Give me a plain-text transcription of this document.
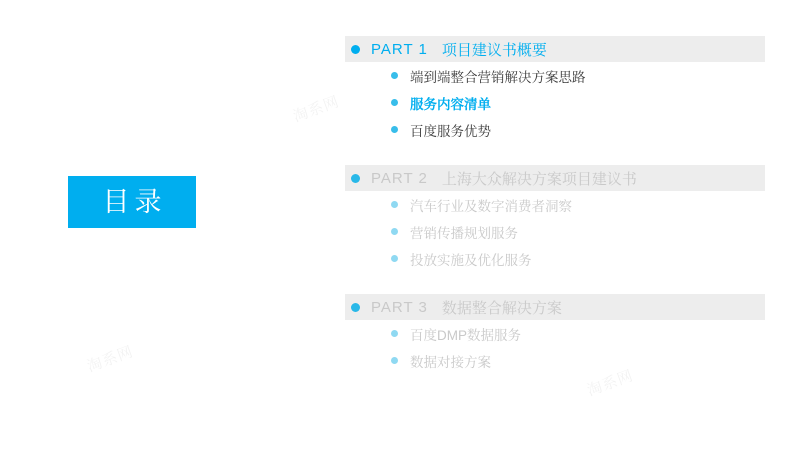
目录
PART 1 项目建议书概要
端到端整合营销解决方案思路
服务内容清单
百度服务优势
PART 2 上海大众解决方案项目建议书
汽车行业及数字消费者洞察
营销传播规划服务
投放实施及优化服务
PART 3 数据整合解决方案
百度DMP数据服务
数据对接方案
淘系网
淘系网
淘系网
